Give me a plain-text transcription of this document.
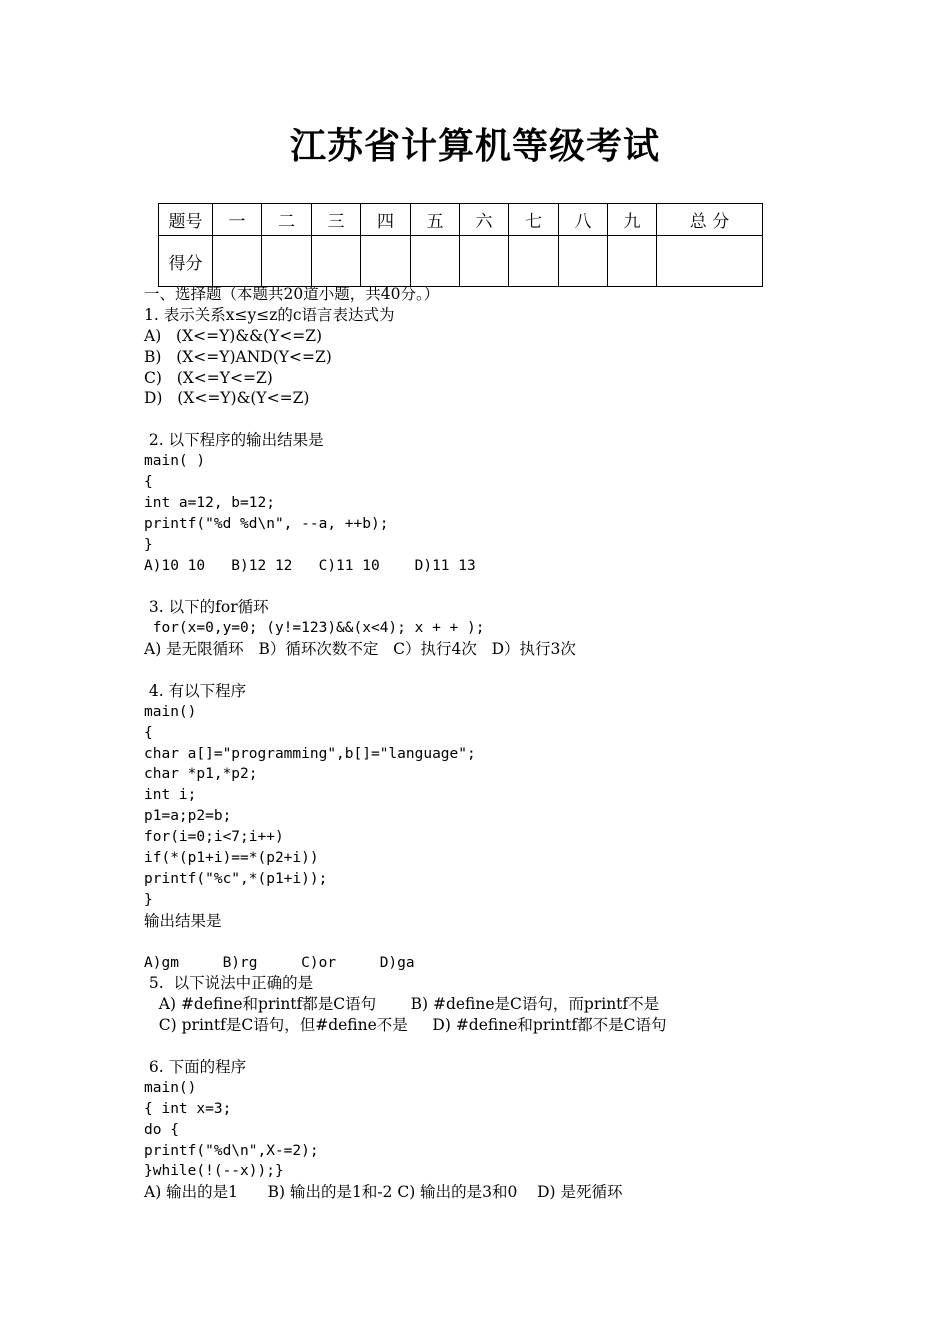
江苏省计算机等级考试
题号	一	二	三	四	五	六	七	八	九	总 分
得分										
一、选择题（本题共20道小题，共40分。）
1. 表示关系x≤y≤z的c语言表达式为
A)   (X<=Y)&&(Y<=Z)
B)   (X<=Y)AND(Y<=Z)
C)   (X<=Y<=Z)
D)   (X<=Y)&(Y<=Z)
2. 以下程序的输出结果是
main( )
{
int a=12, b=12;
printf("%d %d\n", --a, ++b);
}
A)10 10   B)12 12   C)11 10    D)11 13
3. 以下的for循环
for(x=0,y=0; (y!=123)&&(x<4); x + + );
A) 是无限循环   B）循环次数不定   C）执行4次   D）执行3次
4. 有以下程序
main()
{
char a[]="programming",b[]="language";
char *p1,*p2;
int i;
p1=a;p2=b;
for(i=0;i<7;i++)
if(*(p1+i)==*(p2+i))
printf("%c",*(p1+i));
}
输出结果是
A)gm     B)rg     C)or     D)ga
5.  以下说法中正确的是
A) #define和printf都是C语句       B) #define是C语句，而printf不是
C) printf是C语句，但#define不是     D) #define和printf都不是C语句
6. 下面的程序
main()
{ int x=3;
do {
printf("%d\n",X-=2);
}while(!(--x));}
A) 输出的是1      B) 输出的是1和-2 C) 输出的是3和0    D) 是死循环
